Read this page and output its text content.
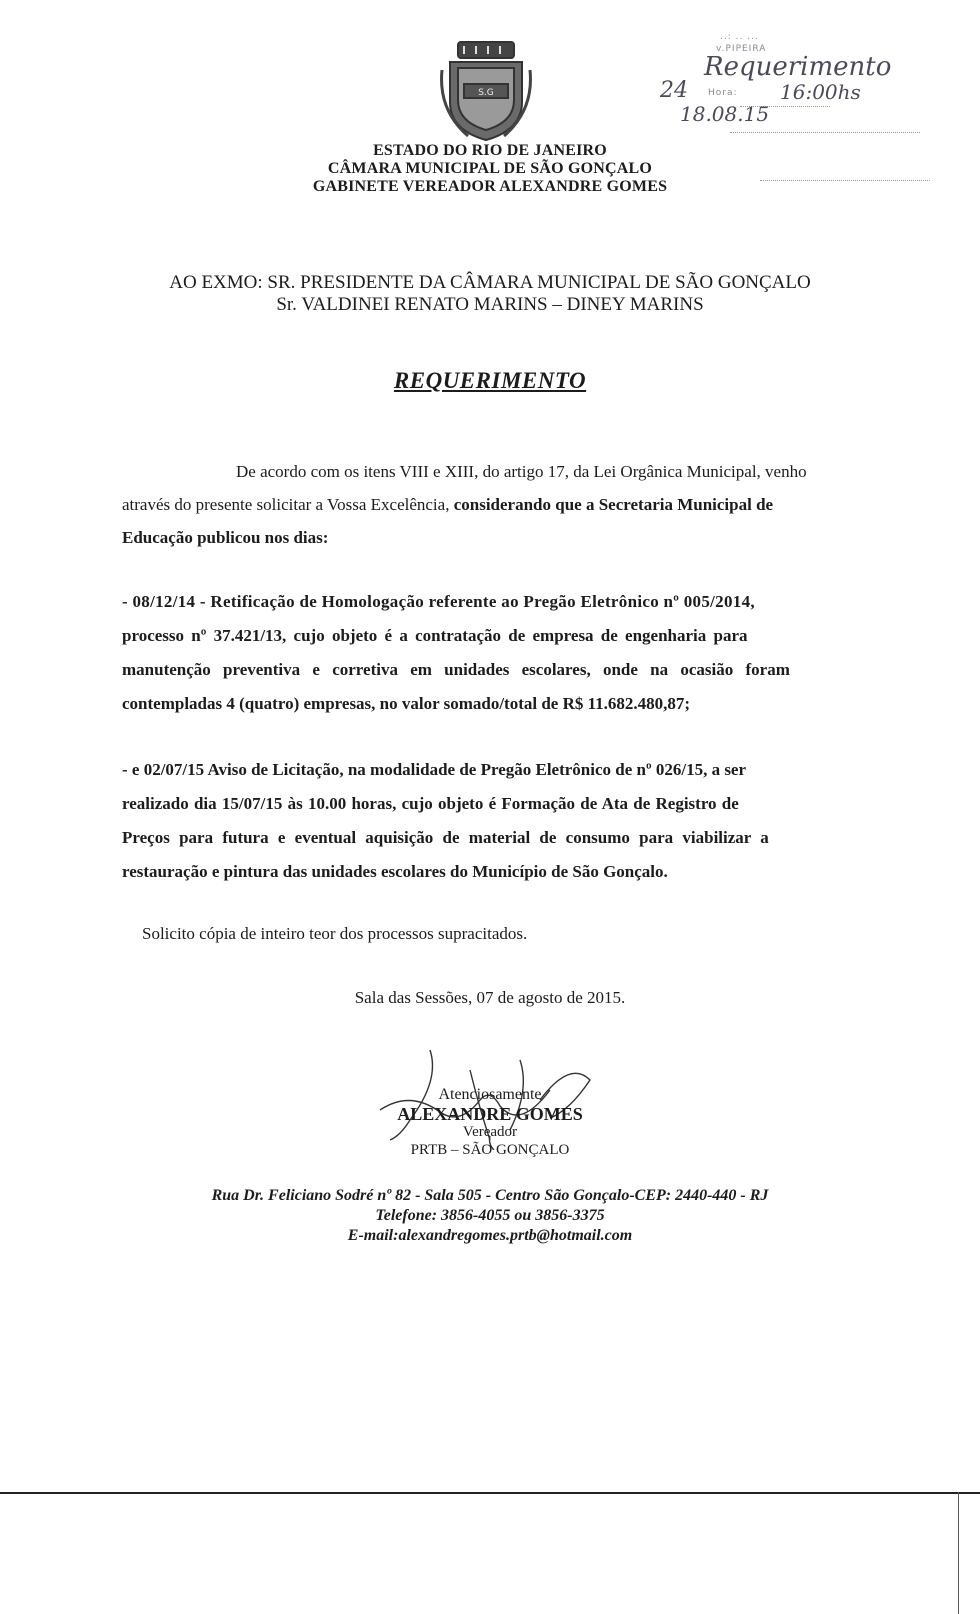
S.G
..: .. ...
v.PIPEIRA
Requerimento
24 Hora: 16:00hs
18.08.15
ESTADO DO RIO DE JANEIRO
CÂMARA MUNICIPAL DE SÃO GONÇALO
GABINETE VEREADOR ALEXANDRE GOMES
AO EXMO: SR. PRESIDENTE DA CÂMARA MUNICIPAL DE SÃO GONÇALO
Sr. VALDINEI RENATO MARINS – DINEY MARINS
REQUERIMENTO
De acordo com os itens VIII e XIII, do artigo 17, da Lei Orgânica Municipal, venho
através do presente solicitar a Vossa Excelência, considerando que a Secretaria Municipal de
Educação publicou nos dias:
- 08/12/14 - Retificação de Homologação referente ao Pregão Eletrônico nº 005/2014,
processo nº 37.421/13, cujo objeto é a contratação de empresa de engenharia para
manutenção preventiva e corretiva em unidades escolares, onde na ocasião foram
contempladas 4 (quatro) empresas, no valor somado/total de R$ 11.682.480,87;
- e 02/07/15 Aviso de Licitação, na modalidade de Pregão Eletrônico de nº 026/15, a ser
realizado dia 15/07/15 às 10.00 horas, cujo objeto é Formação de Ata de Registro de
Preços para futura e eventual aquisição de material de consumo para viabilizar a
restauração e pintura das unidades escolares do Município de São Gonçalo.
Solicito cópia de inteiro teor dos processos supracitados.
Sala das Sessões, 07 de agosto de 2015.
Atenciosamente
ALEXANDRE GOMES
Vereador
PRTB – SÃO GONÇALO
Rua Dr. Feliciano Sodré nº 82 - Sala 505 - Centro São Gonçalo-CEP: 2440-440 - RJ
Telefone: 3856-4055 ou 3856-3375
E-mail:alexandregomes.prtb@hotmail.com
